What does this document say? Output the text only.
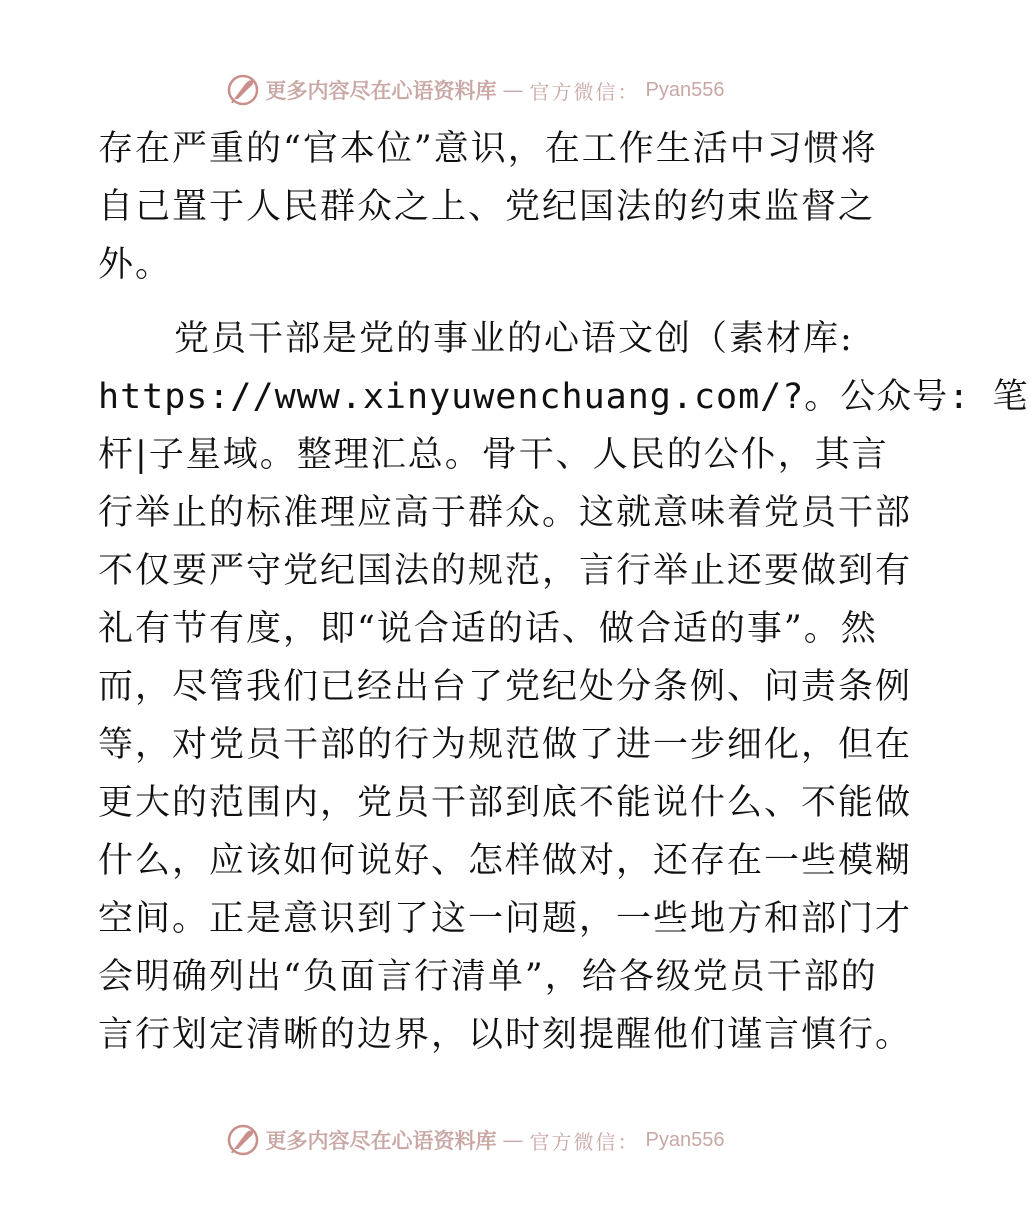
更多内容尽在心语资料库 — 官方微信： Pyan556
存在严重的“官本位”意识，在工作生活中习惯将
自己置于人民群众之上、党纪国法的约束监督之
外。
党员干部是党的事业的心语文创（素材库:
https://www.xinyuwenchuang.com/?。公众号: 笔
杆|子星域。整理汇总。骨干、人民的公仆，其言
行举止的标准理应高于群众。这就意味着党员干部
不仅要严守党纪国法的规范，言行举止还要做到有
礼有节有度，即“说合适的话、做合适的事”。然
而，尽管我们已经出台了党纪处分条例、问责条例
等，对党员干部的行为规范做了进一步细化，但在
更大的范围内，党员干部到底不能说什么、不能做
什么，应该如何说好、怎样做对，还存在一些模糊
空间。正是意识到了这一问题，一些地方和部门才
会明确列出“负面言行清单”，给各级党员干部的
言行划定清晰的边界，以时刻提醒他们谨言慎行。
更多内容尽在心语资料库 — 官方微信： Pyan556
